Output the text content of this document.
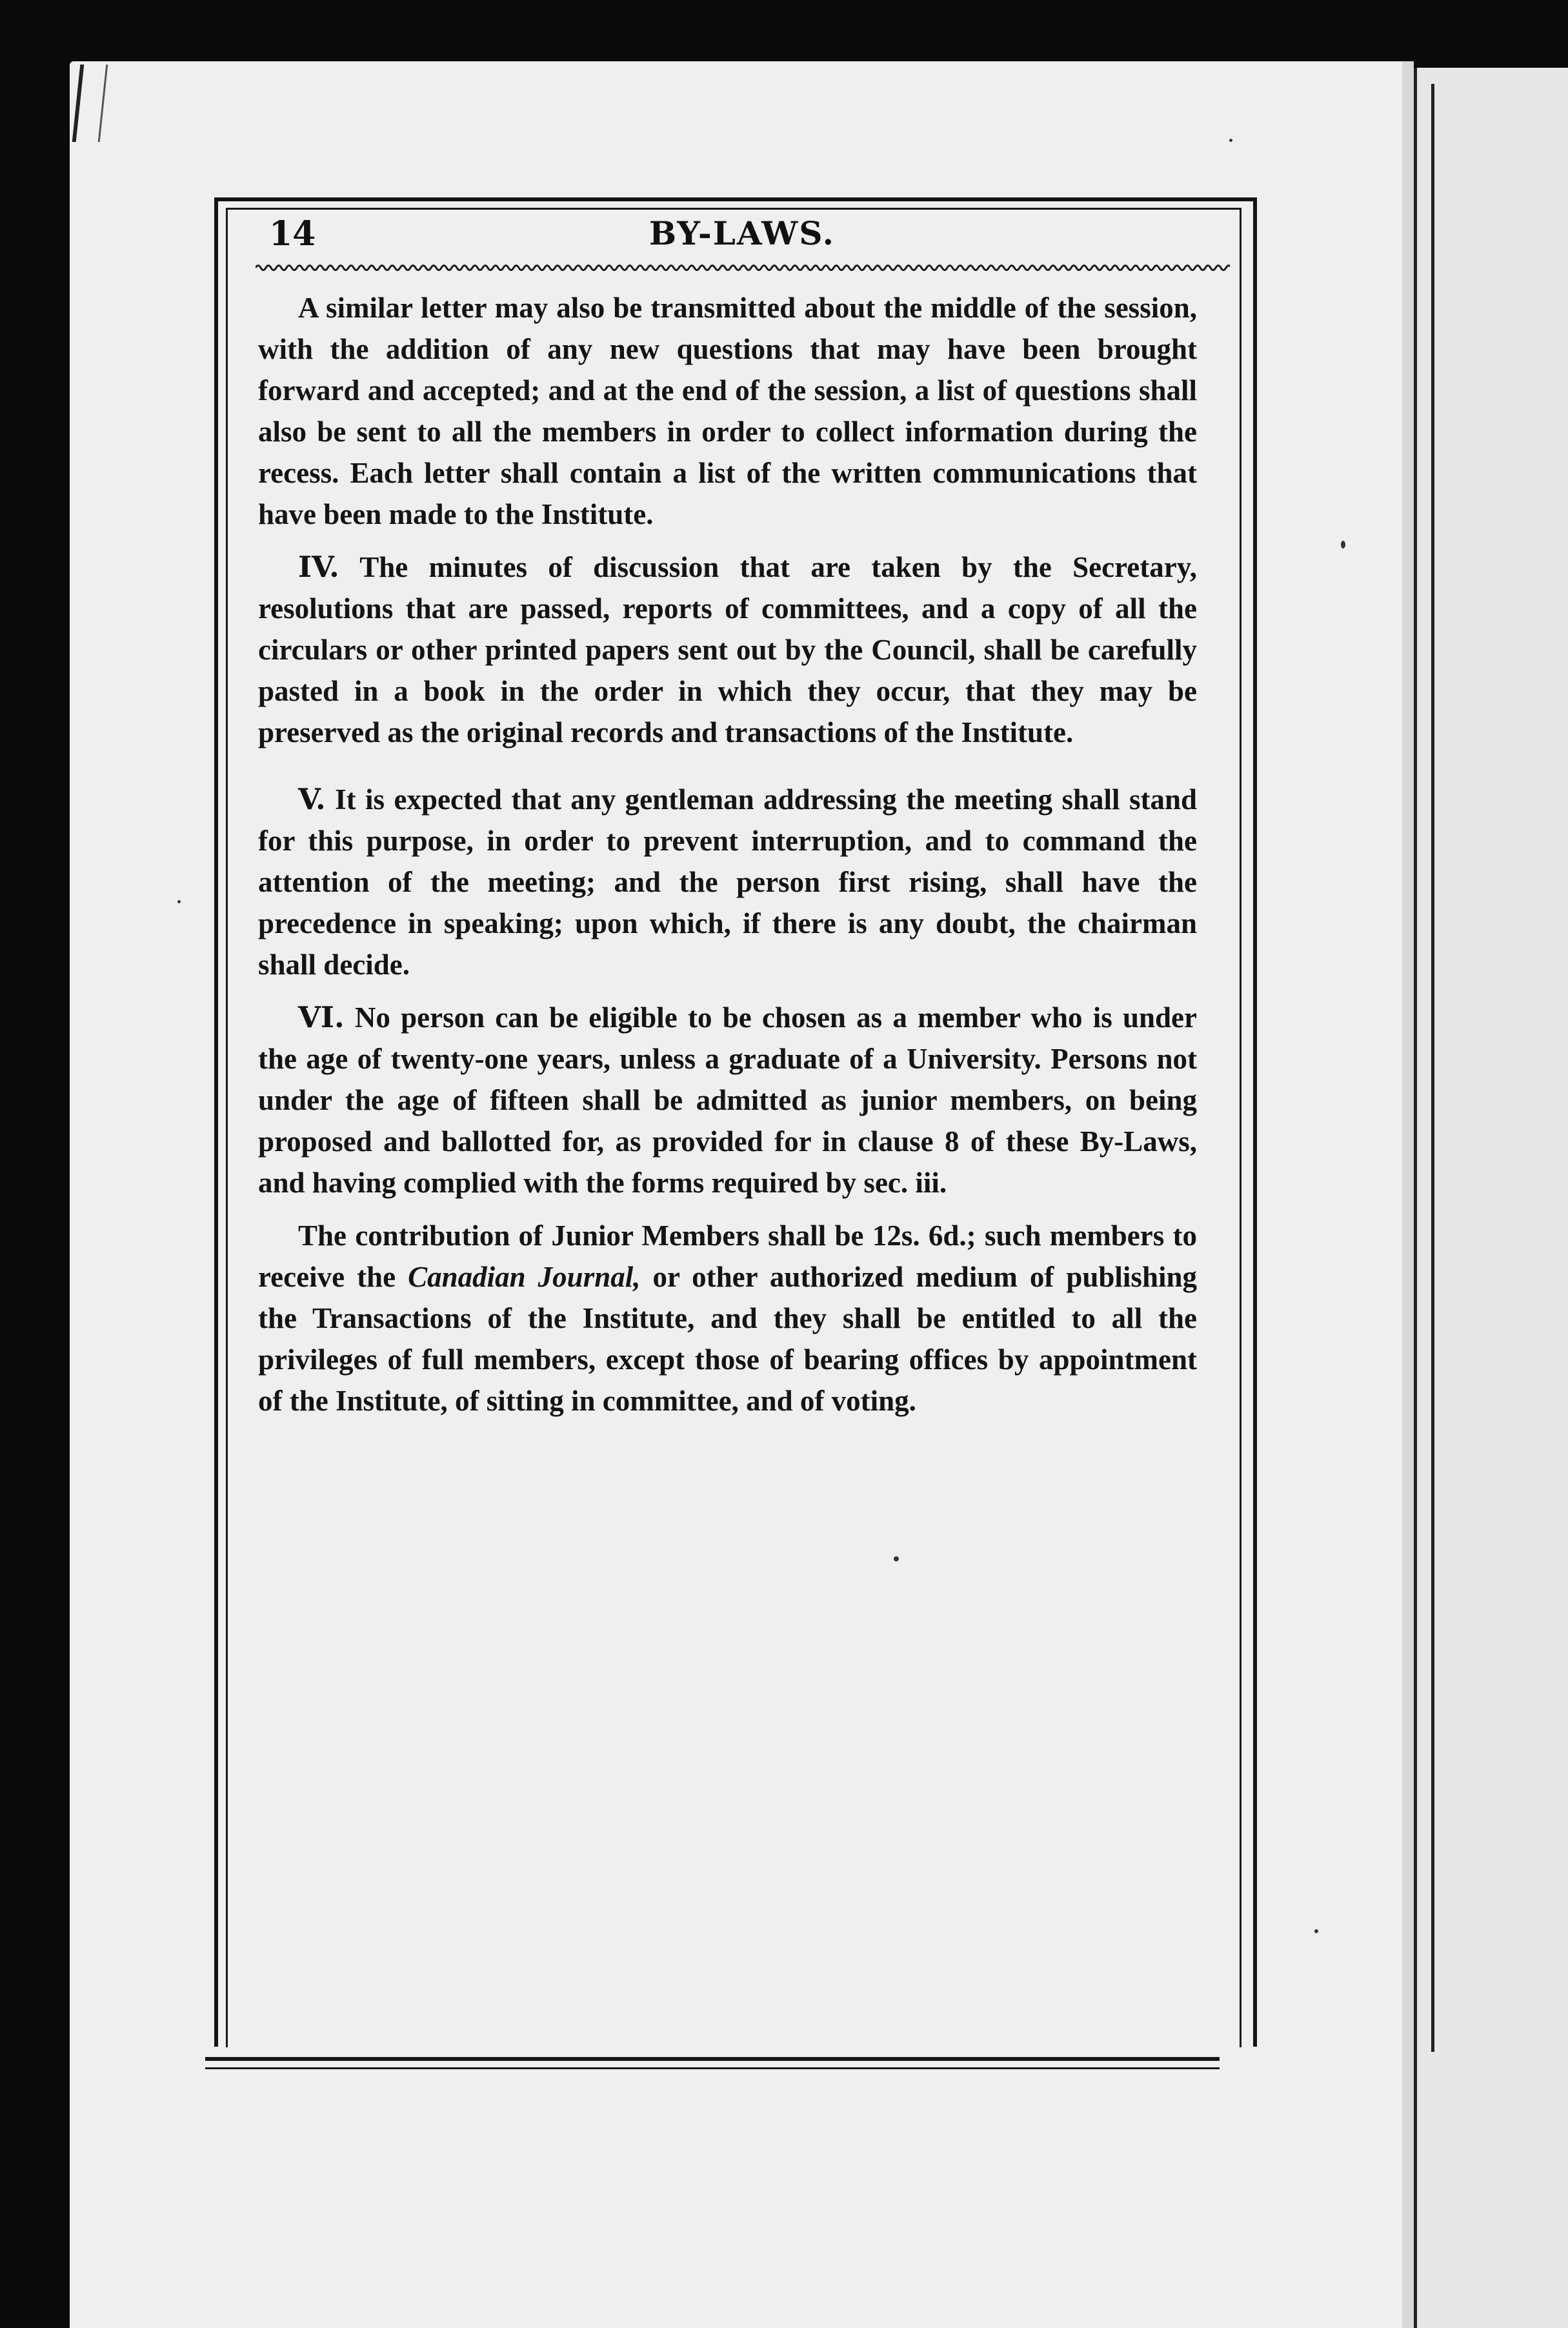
14	BY-LAWS.

A similar letter may also be transmitted about the middle of the session, with the addition of any new questions that may have been brought forward and accepted; and at the end of the session, a list of questions shall also be sent to all the members in order to collect information during the recess. Each letter shall contain a list of the written communications that have been made to the Institute.

IV. The minutes of discussion that are taken by the Secretary, resolutions that are passed, reports of committees, and a copy of all the circulars or other printed papers sent out by the Council, shall be carefully pasted in a book in the order in which they occur, that they may be preserved as the original records and transactions of the Institute.

V. It is expected that any gentleman addressing the meeting shall stand for this purpose, in order to prevent interruption, and to command the attention of the meeting; and the person first rising, shall have the precedence in speaking; upon which, if there is any doubt, the chairman shall decide.

VI. No person can be eligible to be chosen as a member who is under the age of twenty-one years, unless a graduate of a University. Persons not under the age of fifteen shall be admitted as junior members, on being proposed and ballotted for, as provided for in clause 8 of these By-Laws, and having complied with the forms required by sec. iii.

The contribution of Junior Members shall be 12s. 6d.; such members to receive the Canadian Journal, or other authorized medium of publishing the Transactions of the Institute, and they shall be entitled to all the privileges of full members, except those of bearing offices by appointment of the Institute, of sitting in committee, and of voting.
